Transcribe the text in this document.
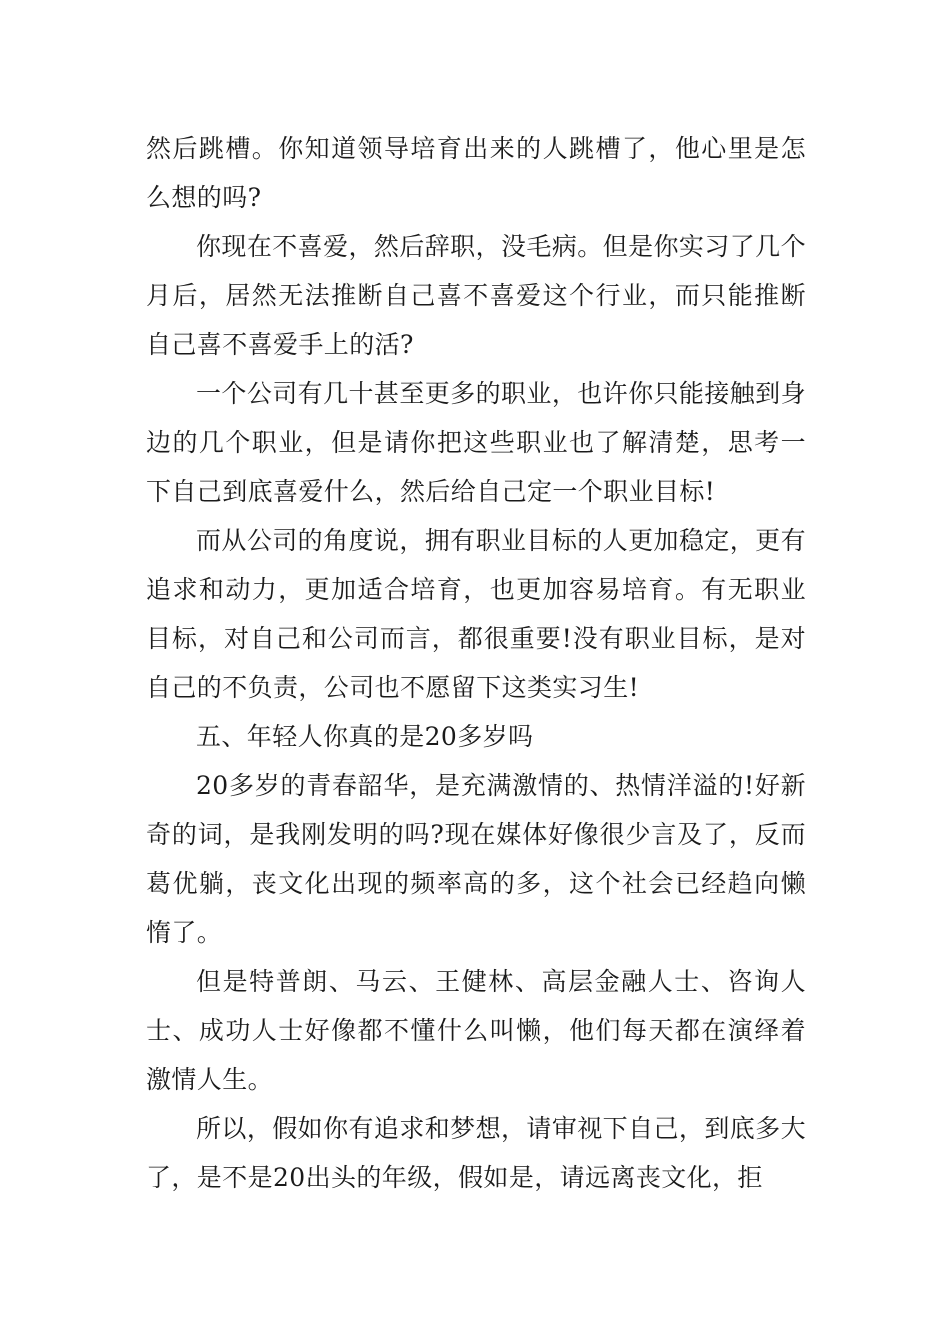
然后跳槽。你知道领导培育出来的人跳槽了，他心里是怎么想的吗?

你现在不喜爱，然后辞职，没毛病。但是你实习了几个月后，居然无法推断自己喜不喜爱这个行业，而只能推断自己喜不喜爱手上的活?

一个公司有几十甚至更多的职业，也许你只能接触到身边的几个职业，但是请你把这些职业也了解清楚，思考一下自己到底喜爱什么，然后给自己定一个职业目标!

而从公司的角度说，拥有职业目标的人更加稳定，更有追求和动力，更加适合培育，也更加容易培育。有无职业目标，对自己和公司而言，都很重要!没有职业目标，是对自己的不负责，公司也不愿留下这类实习生!

五、年轻人你真的是20多岁吗

20多岁的青春韶华，是充满激情的、热情洋溢的!好新奇的词，是我刚发明的吗?现在媒体好像很少言及了，反而葛优躺，丧文化出现的频率高的多，这个社会已经趋向懒惰了。

但是特普朗、马云、王健林、高层金融人士、咨询人士、成功人士好像都不懂什么叫懒，他们每天都在演绎着激情人生。

所以，假如你有追求和梦想，请审视下自己，到底多大了，是不是20出头的年级，假如是，请远离丧文化，拒
